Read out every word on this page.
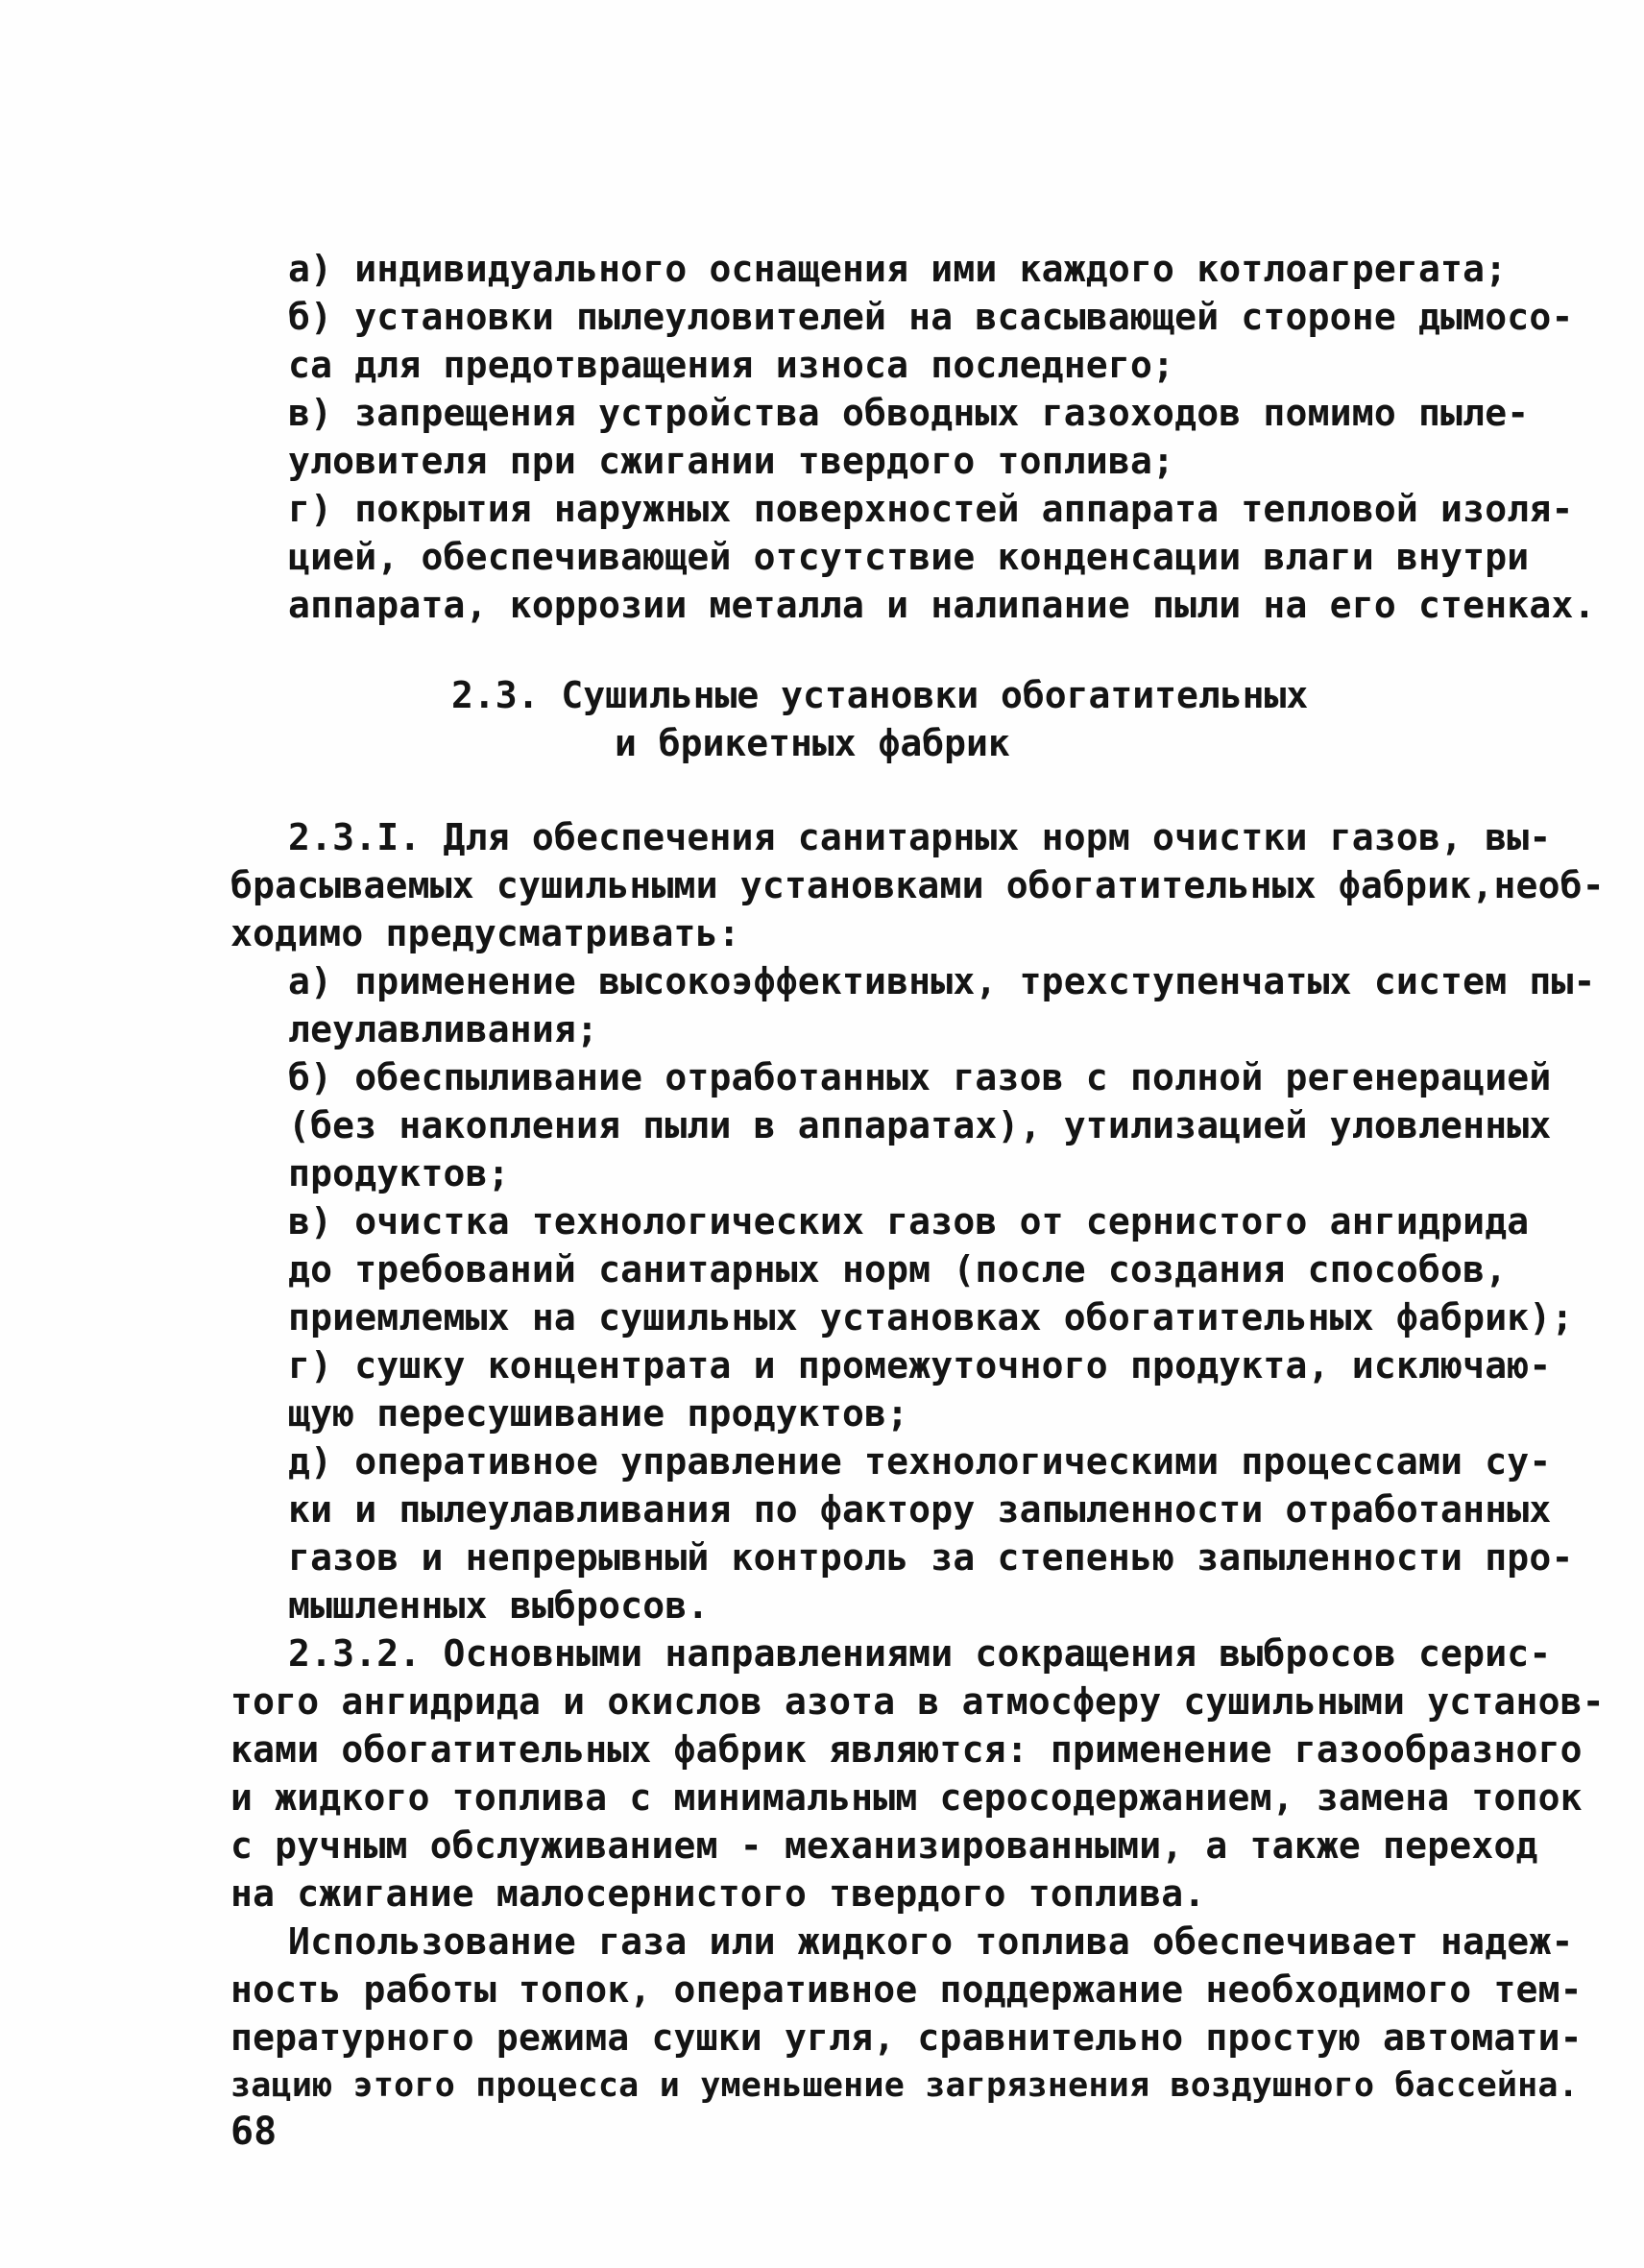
а) индивидуального оснащения ими каждого котлоагрегата;
б) установки пылеуловителей на всасывающей стороне дымосо-
са для предотвращения износа последнего;
в) запрещения устройства обводных газоходов помимо пыле-
уловителя при сжигании твердого топлива;
г) покрытия наружных поверхностей аппарата тепловой изоля-
цией, обеспечивающей отсутствие конденсации влаги внутри
аппарата, коррозии металла и налипание пыли на его стенках.
2.3. Сушильные установки обогатительных
и брикетных фабрик
2.3.I. Для обеспечения санитарных норм очистки газов, вы-
брасываемых сушильными установками обогатительных фабрик,необ-
ходимо предусматривать:
а) применение высокоэффективных, трехступенчатых систем пы-
леулавливания;
б) обеспыливание отработанных газов с полной регенерацией
(без накопления пыли в аппаратах), утилизацией уловленных
продуктов;
в) очистка технологических газов от сернистого ангидрида
до требований санитарных норм (после создания способов,
приемлемых на сушильных установках обогатительных фабрик);
г) сушку концентрата и промежуточного продукта, исключаю-
щую пересушивание продуктов;
д) оперативное управление технологическими процессами су-
ки и пылеулавливания по фактору запыленности отработанных
газов и непрерывный контроль за степенью запыленности про-
мышленных выбросов.
2.3.2. Основными направлениями сокращения выбросов серис-
того ангидрида и окислов азота в атмосферу сушильными установ-
ками обогатительных фабрик являются: применение газообразного
и жидкого топлива с минимальным серосодержанием, замена топок
с ручным обслуживанием - механизированными, а также переход
на сжигание малосернистого твердого топлива.
Использование газа или жидкого топлива обеспечивает надеж-
ность работы топок, оперативное поддержание необходимого тем-
пературного режима сушки угля, сравнительно простую автомати-
зацию этого процесса и уменьшение загрязнения воздушного бассейна.
68
